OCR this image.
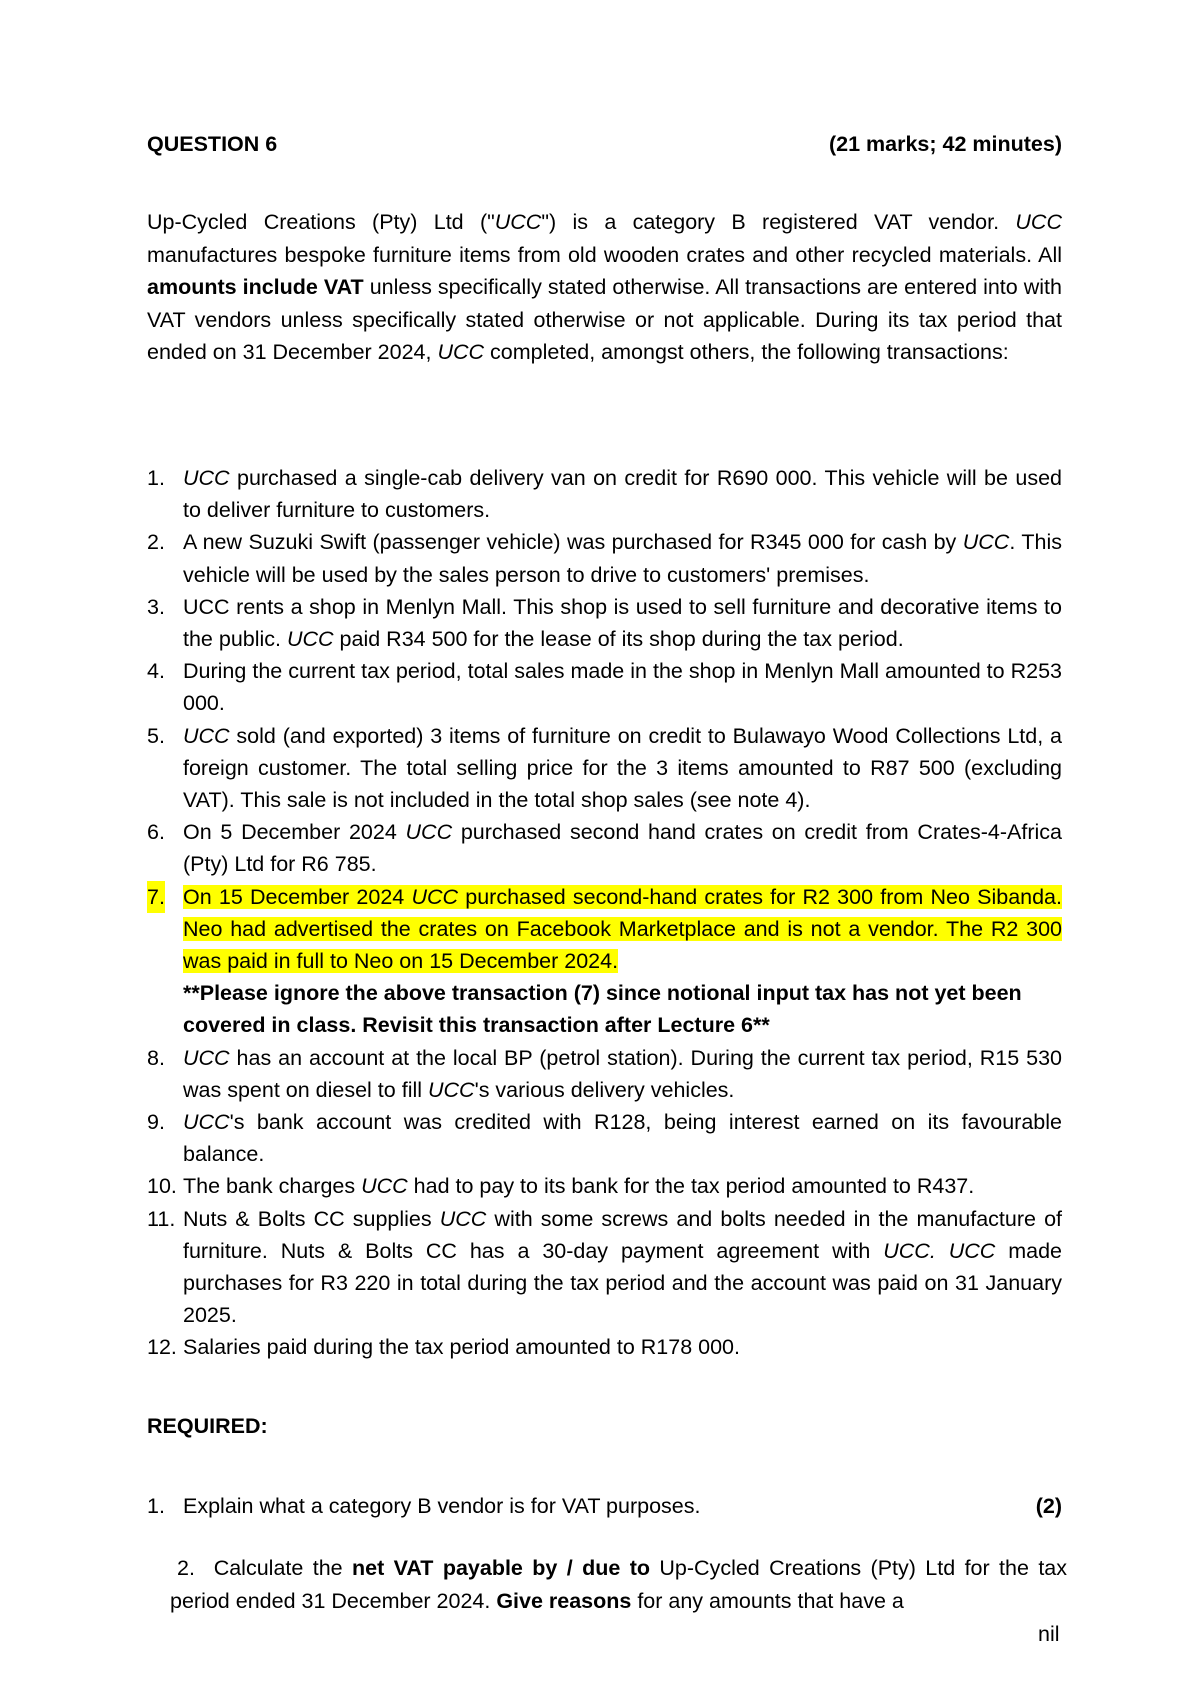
QUESTION 6	(21 marks; 42 minutes)
Up-Cycled Creations (Pty) Ltd ("UCC") is a category B registered VAT vendor. UCC manufactures bespoke furniture items from old wooden crates and other recycled materials. All amounts include VAT unless specifically stated otherwise. All transactions are entered into with VAT vendors unless specifically stated otherwise or not applicable. During its tax period that ended on 31 December 2024, UCC completed, amongst others, the following transactions:
1. UCC purchased a single-cab delivery van on credit for R690 000. This vehicle will be used to deliver furniture to customers.
2. A new Suzuki Swift (passenger vehicle) was purchased for R345 000 for cash by UCC. This vehicle will be used by the sales person to drive to customers' premises.
3. UCC rents a shop in Menlyn Mall. This shop is used to sell furniture and decorative items to the public. UCC paid R34 500 for the lease of its shop during the tax period.
4. During the current tax period, total sales made in the shop in Menlyn Mall amounted to R253 000.
5. UCC sold (and exported) 3 items of furniture on credit to Bulawayo Wood Collections Ltd, a foreign customer. The total selling price for the 3 items amounted to R87 500 (excluding VAT). This sale is not included in the total shop sales (see note 4).
6. On 5 December 2024 UCC purchased second hand crates on credit from Crates-4-Africa (Pty) Ltd for R6 785.
7. On 15 December 2024 UCC purchased second-hand crates for R2 300 from Neo Sibanda. Neo had advertised the crates on Facebook Marketplace and is not a vendor. The R2 300 was paid in full to Neo on 15 December 2024.
**Please ignore the above transaction (7) since notional input tax has not yet been covered in class. Revisit this transaction after Lecture 6**
8. UCC has an account at the local BP (petrol station). During the current tax period, R15 530 was spent on diesel to fill UCC's various delivery vehicles.
9. UCC's bank account was credited with R128, being interest earned on its favourable balance.
10. The bank charges UCC had to pay to its bank for the tax period amounted to R437.
11. Nuts & Bolts CC supplies UCC with some screws and bolts needed in the manufacture of furniture. Nuts & Bolts CC has a 30-day payment agreement with UCC. UCC made purchases for R3 220 in total during the tax period and the account was paid on 31 January 2025.
12. Salaries paid during the tax period amounted to R178 000.
REQUIRED:
1. Explain what a category B vendor is for VAT purposes.	(2)
2. Calculate the net VAT payable by / due to Up-Cycled Creations (Pty) Ltd for the tax period ended 31 December 2024. Give reasons for any amounts that have a
nil
